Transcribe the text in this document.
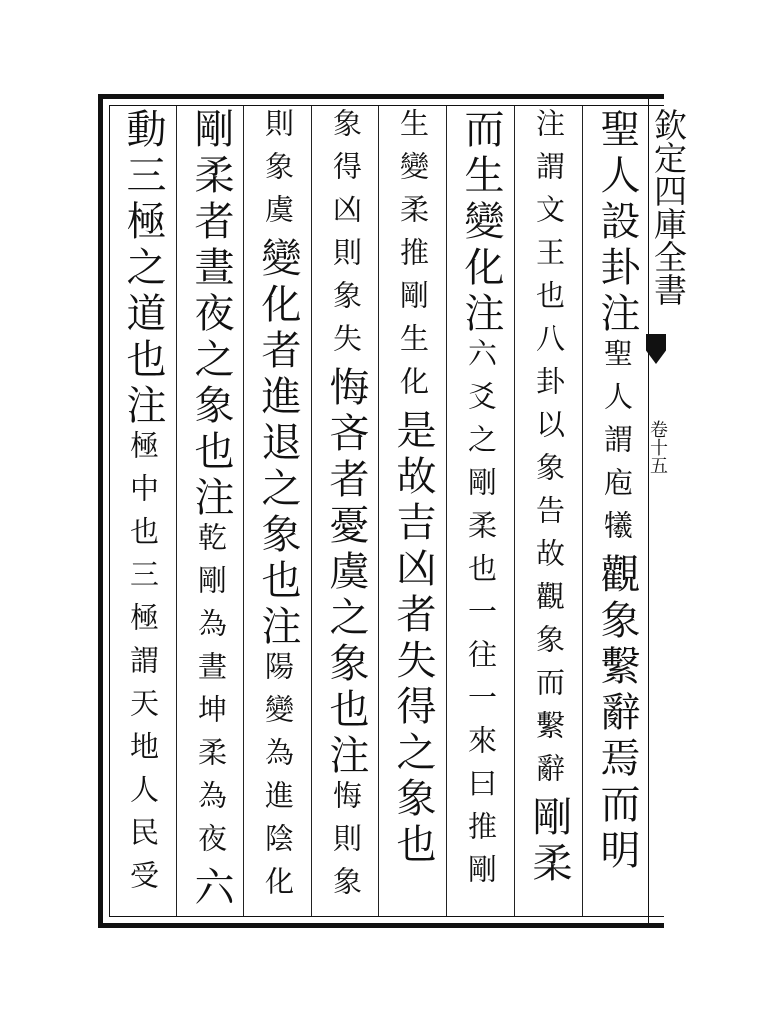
欽定四庫全書
卷十五
聖人設卦注聖人謂庖犧觀象繫辭焉而明
注謂文王也八卦以象告故觀象而繫辭剛柔
而生變化注六爻之剛柔也一往一來曰推剛
生變柔推剛生化是故吉凶者失得之象也
象得凶則象失悔吝者憂虞之象也注悔則象
則象虞變化者進退之象也注陽變為進陰化
剛柔者晝夜之象也注乾剛為晝坤柔為夜六
動三極之道也注極中也三極謂天地人民受
